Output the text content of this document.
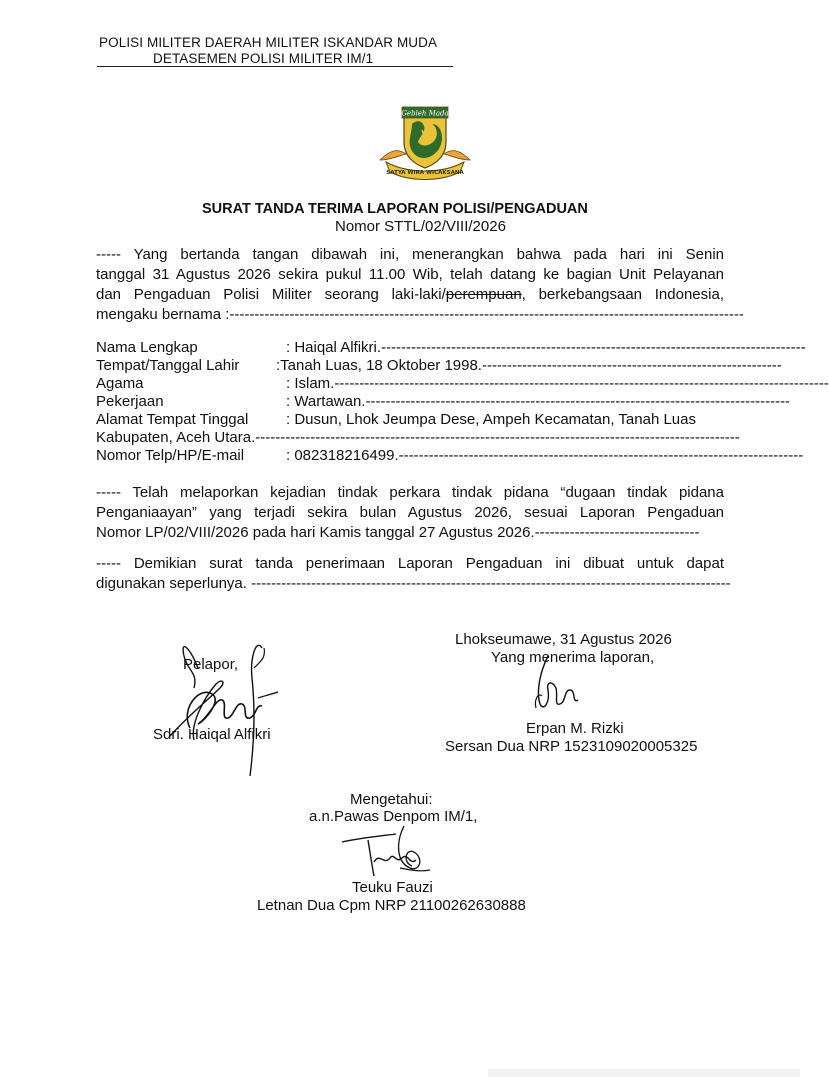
POLISI MILITER DAERAH MILITER ISKANDAR MUDA
DETASEMEN POLISI MILITER IM/1
Gebleh Mada
SATYA WIRA WICAKSANA
SURAT TANDA TERIMA LAPORAN POLISI/PENGADUAN
Nomor STTL/02/VIII/2026
----- Yang bertanda tangan dibawah ini, menerangkan bahwa pada hari ini Senin
tanggal 31 Agustus 2026 sekira pukul 11.00 Wib, telah datang ke bagian Unit Pelayanan
dan Pengaduan Polisi Militer seorang laki-laki/perempuan, berkebangsaan Indonesia,
mengaku bernama :-------------------------------------------------------------------------------------------------------
Nama Lengkap	: Haiqal Alfikri.-------------------------------------------------------------------------------------
Tempat/Tanggal Lahir :Tanah Luas, 18 Oktober 1998.------------------------------------------------------------
Agama	: Islam.---------------------------------------------------------------------------------------------------
Pekerjaan	: Wartawan.-------------------------------------------------------------------------------------
Alamat Tempat Tinggal	: Dusun, Lhok Jeumpa Dese, Ampeh Kecamatan, Tanah Luas
Kabupaten, Aceh Utara.-------------------------------------------------------------------------------------------------
Nomor Telp/HP/E-mail	: 082318216499.---------------------------------------------------------------------------------
----- Telah melaporkan kejadian tindak perkara tindak pidana “dugaan tindak pidana
Penganiaayan” yang terjadi sekira bulan Agustus 2026, sesuai Laporan Pengaduan
Nomor LP/02/VIII/2026 pada hari Kamis tanggal 27 Agustus 2026.---------------------------------
----- Demikian surat tanda penerimaan Laporan Pengaduan ini dibuat untuk dapat
digunakan seperlunya. ------------------------------------------------------------------------------------------------
Pelapor,
Sdri. Haiqal Alfikri
Lhokseumawe, 31 Agustus 2026
Yang menerima laporan,
Erpan M. Rizki
Sersan Dua NRP 1523109020005325
Mengetahui:
a.n.Pawas Denpom IM/1,
Teuku Fauzi
Letnan Dua Cpm NRP 21100262630888
